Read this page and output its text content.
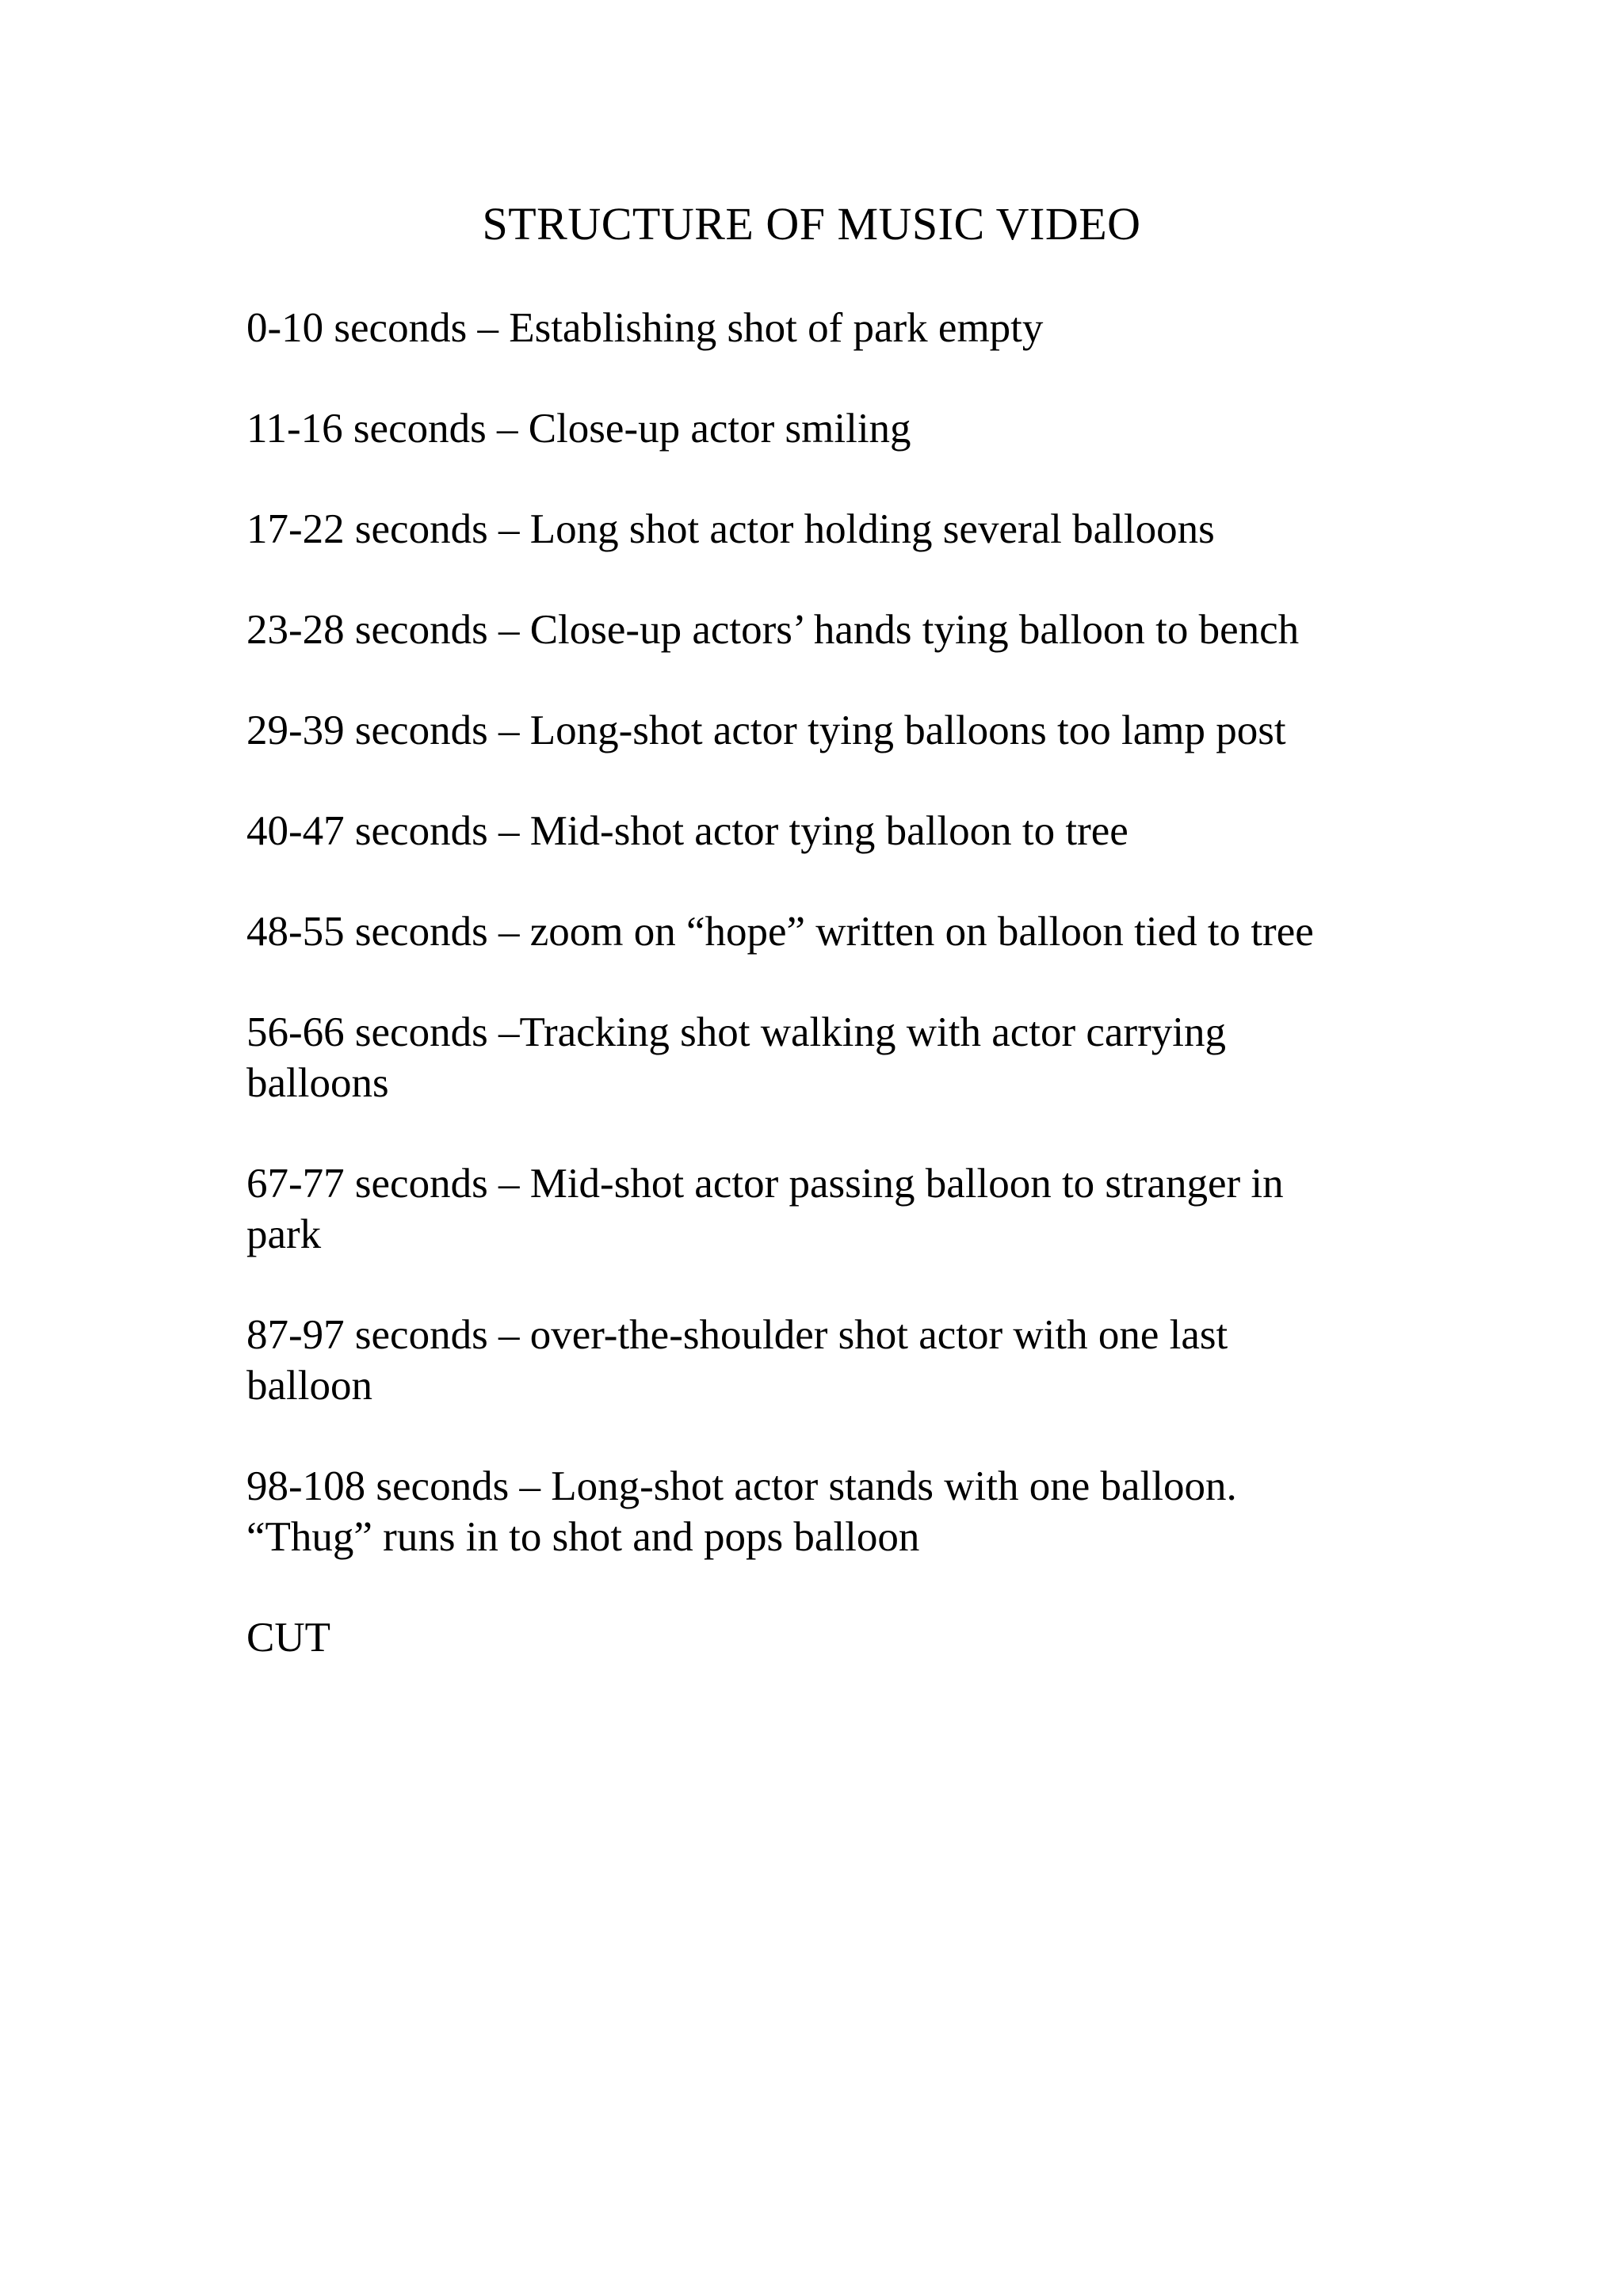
STRUCTURE OF MUSIC VIDEO
0-10 seconds – Establishing shot of park empty
11-16 seconds – Close-up actor smiling
17-22 seconds – Long shot actor holding several balloons
23-28 seconds – Close-up actors’ hands tying balloon to bench
29-39 seconds – Long-shot actor tying balloons too lamp post
40-47 seconds – Mid-shot actor tying balloon to tree
48-55 seconds – zoom on “hope” written on balloon tied to tree
56-66 seconds –Tracking shot walking with actor carrying
balloons
67-77 seconds – Mid-shot actor passing balloon to stranger in
park
87-97 seconds – over-the-shoulder shot actor with one last
balloon
98-108 seconds – Long-shot actor stands with one balloon.
“Thug” runs in to shot and pops balloon
CUT
